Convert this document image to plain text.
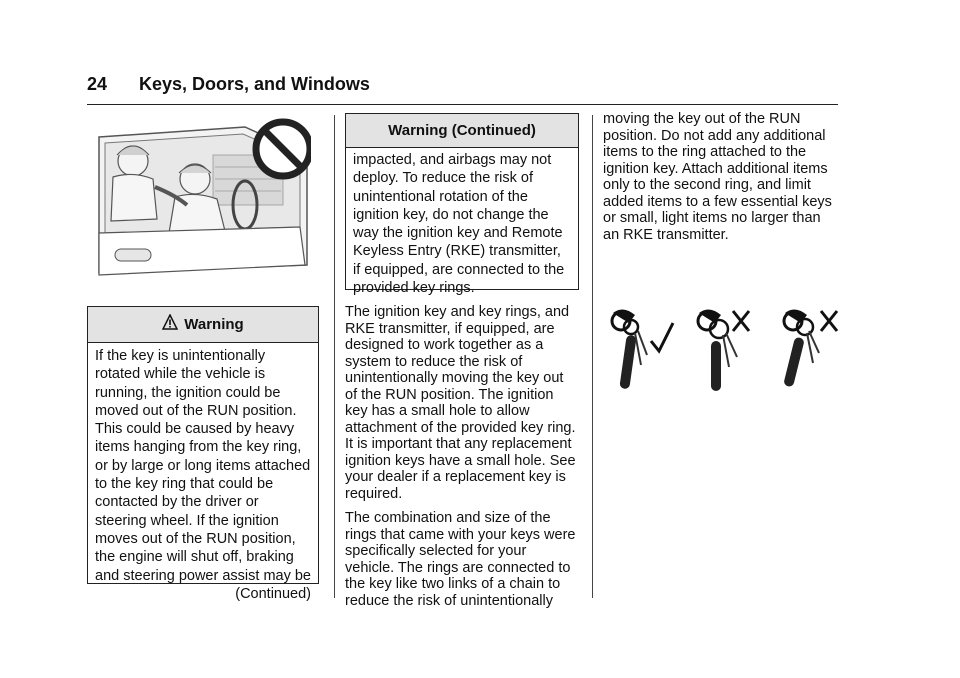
24 Keys, Doors, and Windows
Warning
If the key is unintentionally
rotated while the vehicle is
running, the ignition could be
moved out of the RUN position.
This could be caused by heavy
items hanging from the key ring,
or by large or long items attached
to the key ring that could be
contacted by the driver or
steering wheel. If the ignition
moves out of the RUN position,
the engine will shut off, braking
and steering power assist may be
(Continued)
Warning (Continued)
impacted, and airbags may not
deploy. To reduce the risk of
unintentional rotation of the
ignition key, do not change the
way the ignition key and Remote
Keyless Entry (RKE) transmitter,
if equipped, are connected to the
provided key rings.

The ignition key and key rings, and
RKE transmitter, if equipped, are
designed to work together as a
system to reduce the risk of
unintentionally moving the key out
of the RUN position. The ignition
key has a small hole to allow
attachment of the provided key ring.
It is important that any replacement
ignition keys have a small hole. See
your dealer if a replacement key is
required.

The combination and size of the
rings that came with your keys were
specifically selected for your
vehicle. The rings are connected to
the key like two links of a chain to
reduce the risk of unintentionally

moving the key out of the RUN
position. Do not add any additional
items to the ring attached to the
ignition key. Attach additional items
only to the second ring, and limit
added items to a few essential keys
or small, light items no larger than
an RKE transmitter.
